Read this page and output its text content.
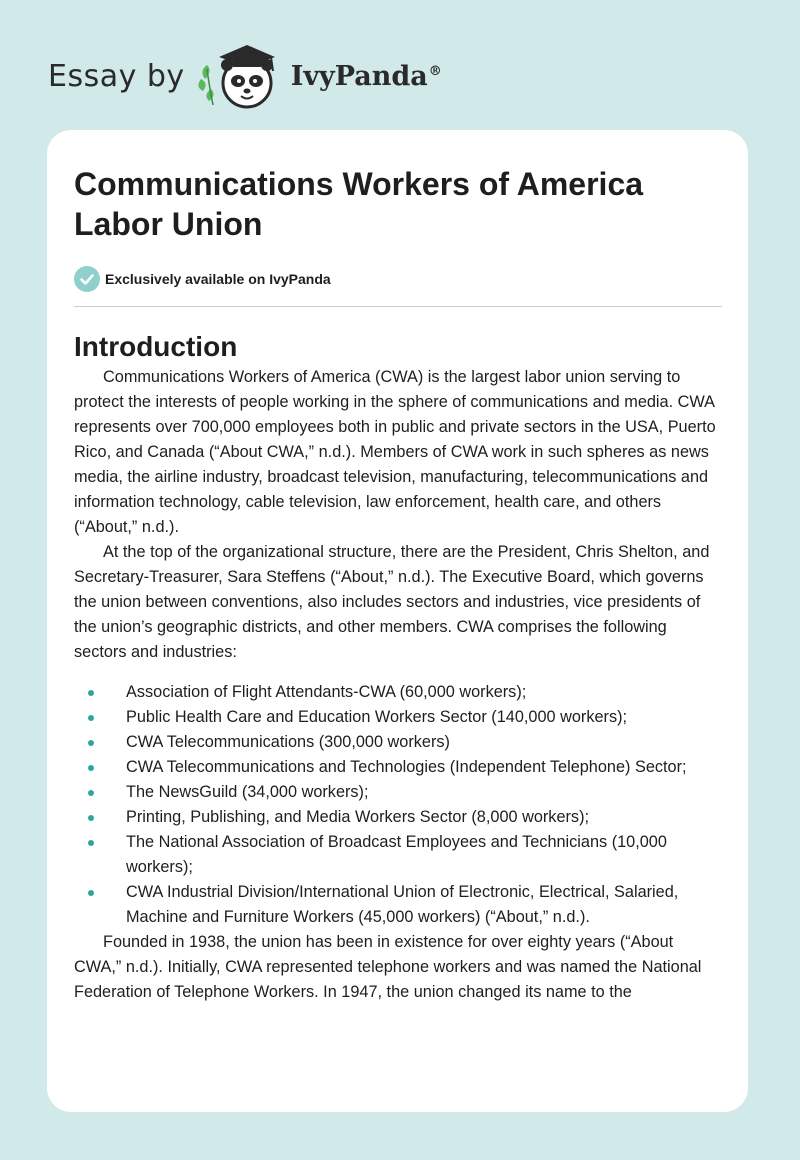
Essay by	IvyPanda®
Communications Workers of America Labor Union
Exclusively available on IvyPanda
Introduction

Communications Workers of America (CWA) is the largest labor union serving to protect the interests of people working in the sphere of communications and media. CWA represents over 700,000 employees both in public and private sectors in the USA, Puerto Rico, and Canada (“About CWA,” n.d.). Members of CWA work in such spheres as news media, the airline industry, broadcast television, manufacturing, telecommunications and information technology, cable television, law enforcement, health care, and others (“About,” n.d.).

At the top of the organizational structure, there are the President, Chris Shelton, and Secretary-Treasurer, Sara Steffens (“About,” n.d.). The Executive Board, which governs the union between conventions, also includes sectors and industries, vice presidents of the union’s geographic districts, and other members. CWA comprises the following sectors and industries:

Association of Flight Attendants-CWA (60,000 workers);
Public Health Care and Education Workers Sector (140,000 workers);
CWA Telecommunications (300,000 workers)
CWA Telecommunications and Technologies (Independent Telephone) Sector;
The NewsGuild (34,000 workers);
Printing, Publishing, and Media Workers Sector (8,000 workers);
The National Association of Broadcast Employees and Technicians (10,000 workers);
CWA Industrial Division/International Union of Electronic, Electrical, Salaried, Machine and Furniture Workers (45,000 workers) (“About,” n.d.).

Founded in 1938, the union has been in existence for over eighty years (“About CWA,” n.d.). Initially, CWA represented telephone workers and was named the National Federation of Telephone Workers. In 1947, the union changed its name to the
